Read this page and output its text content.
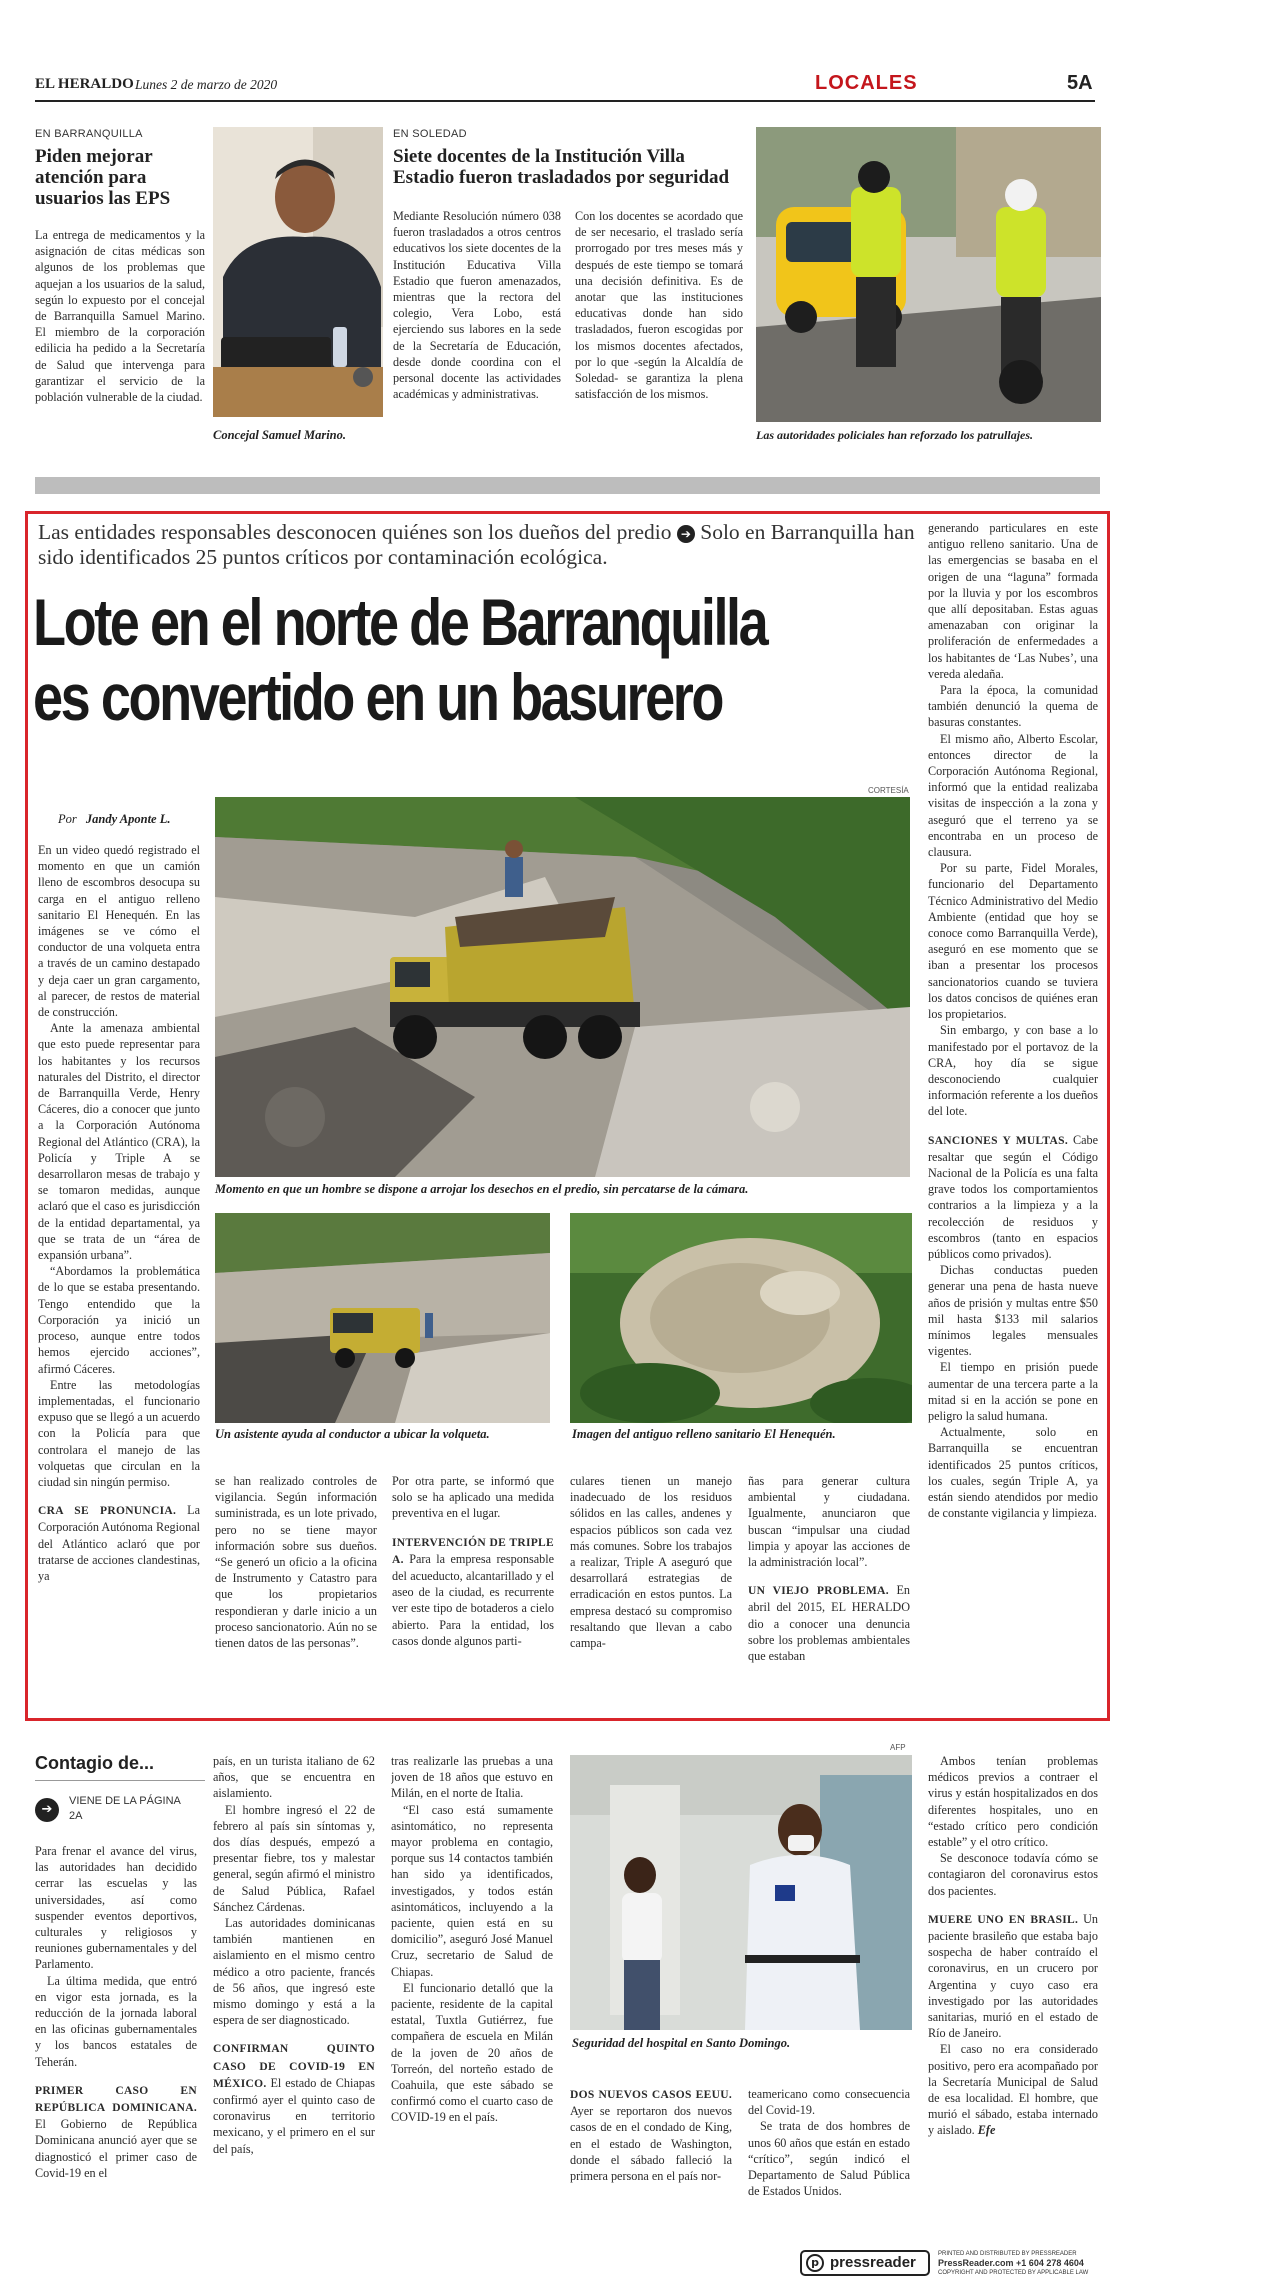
EL HERALDO Lunes 2 de marzo de 2020	LOCALES	5A
EN BARRANQUILLA
Piden mejorar atención para usuarios las EPS
La entrega de medicamentos y la asignación de citas médicas son algunos de los problemas que aquejan a los usuarios de la salud, según lo expuesto por el concejal de Barranquilla Samuel Marino. El miembro de la corporación edilicia ha pedido a la Secretaría de Salud que intervenga para garantizar el servicio de la población vulnerable de la ciudad.
Concejal Samuel Marino.
EN SOLEDAD
Siete docentes de la Institución Villa Estadio fueron trasladados por seguridad
Mediante Resolución número 038 fueron trasladados a otros centros educativos los siete docentes de la Institución Educativa Villa Estadio que fueron amenazados, mientras que la rectora del colegio, Vera Lobo, está ejerciendo sus labores en la sede de la Secretaría de Educación, desde donde coordina con el personal docente las actividades académicas y administrativas.
Con los docentes se acordado que de ser necesario, el traslado sería prorrogado por tres meses más y después de este tiempo se tomará una decisión definitiva. Es de anotar que las instituciones educativas donde han sido trasladados, fueron escogidas por los mismos docentes afectados, por lo que -según la Alcaldía de Soledad- se garantiza la plena satisfacción de los mismos.
Las autoridades policiales han reforzado los patrullajes.
Las entidades responsables desconocen quiénes son los dueños del predio ➔ Solo en Barranquilla han sido identificados 25 puntos críticos por contaminación ecológica.
Lote en el norte de Barranquilla
es convertido en un basurero
CORTESÍA
Por Jandy Aponte L.

En un video quedó registrado el momento en que un camión lleno de escombros desocupa su carga en el antiguo relleno sanitario El Henequén. En las imágenes se ve cómo el conductor de una volqueta entra a través de un camino destapado y deja caer un gran cargamento, al parecer, de restos de material de construcción.

Ante la amenaza ambiental que esto puede representar para los habitantes y los recursos naturales del Distrito, el director de Barranquilla Verde, Henry Cáceres, dio a conocer que junto a la Corporación Autónoma Regional del Atlántico (CRA), la Policía y Triple A se desarrollaron mesas de trabajo y se tomaron medidas, aunque aclaró que el caso es jurisdicción de la entidad departamental, ya que se trata de un “área de expansión urbana”.

“Abordamos la problemática de lo que se estaba presentando. Tengo entendido que la Corporación ya inició un proceso, aunque entre todos hemos ejercido acciones”, afirmó Cáceres.

Entre las metodologías implementadas, el funcionario expuso que se llegó a un acuerdo con la Policía para que controlara el manejo de las volquetas que circulan en la ciudad sin ningún permiso.

CRA SE PRONUNCIA. La Corporación Autónoma Regional del Atlántico aclaró que por tratarse de acciones clandestinas, ya

Momento en que un hombre se dispone a arrojar los desechos en el predio, sin percatarse de la cámara.
Un asistente ayuda al conductor a ubicar la volqueta.	Imagen del antiguo relleno sanitario El Henequén.
se han realizado controles de vigilancia. Según información suministrada, es un lote privado, pero no se tiene mayor información sobre sus dueños. “Se generó un oficio a la oficina de Instrumento y Catastro para que los propietarios respondieran y darle inicio a un proceso sancionatorio. Aún no se tienen datos de las personas”.

Por otra parte, se informó que solo se ha aplicado una medida preventiva en el lugar.

INTERVENCIÓN DE TRIPLE A. Para la empresa responsable del acueducto, alcantarillado y el aseo de la ciudad, es recurrente ver este tipo de botaderos a cielo abierto. Para la entidad, los casos donde algunos parti-

culares tienen un manejo inadecuado de los residuos sólidos en las calles, andenes y espacios públicos son cada vez más comunes. Sobre los trabajos a realizar, Triple A aseguró que desarrollará estrategias de erradicación en estos puntos. La empresa destacó su compromiso resaltando que llevan a cabo campa-

ñas para generar cultura ambiental y ciudadana. Igualmente, anunciaron que buscan “impulsar una ciudad limpia y apoyar las acciones de la administración local”.

UN VIEJO PROBLEMA. En abril del 2015, EL HERALDO dio a conocer una denuncia sobre los problemas ambientales que estaban

generando particulares en este antiguo relleno sanitario. Una de las emergencias se basaba en el origen de una “laguna” formada por la lluvia y por los escombros que allí depositaban. Estas aguas amenazaban con originar la proliferación de enfermedades a los habitantes de ‘Las Nubes’, una vereda aledaña.

Para la época, la comunidad también denunció la quema de basuras constantes.

El mismo año, Alberto Escolar, entonces director de la Corporación Autónoma Regional, informó que la entidad realizaba visitas de inspección a la zona y aseguró que el terreno ya se encontraba en un proceso de clausura.

Por su parte, Fidel Morales, funcionario del Departamento Técnico Administrativo del Medio Ambiente (entidad que hoy se conoce como Barranquilla Verde), aseguró en ese momento que se iban a presentar los procesos sancionatorios cuando se tuviera los datos concisos de quiénes eran los propietarios.

Sin embargo, y con base a lo manifestado por el portavoz de la CRA, hoy día se sigue desconociendo cualquier información referente a los dueños del lote.

SANCIONES Y MULTAS. Cabe resaltar que según el Código Nacional de la Policía es una falta grave todos los comportamientos contrarios a la limpieza y a la recolección de residuos y escombros (tanto en espacios públicos como privados).

Dichas conductas pueden generar una pena de hasta nueve años de prisión y multas entre $50 mil hasta $133 mil salarios mínimos legales mensuales vigentes.

El tiempo en prisión puede aumentar de una tercera parte a la mitad si en la acción se pone en peligro la salud humana.

Actualmente, solo en Barranquilla se encuentran identificados 25 puntos críticos, los cuales, según Triple A, ya están siendo atendidos por medio de constante vigilancia y limpieza.

Contagio de...
➔
VIENE DE LA PÁGINA 2A

Para frenar el avance del virus, las autoridades han decidido cerrar las escuelas y las universidades, así como suspender eventos deportivos, culturales y religiosos y reuniones gubernamentales y del Parlamento.

La última medida, que entró en vigor esta jornada, es la reducción de la jornada laboral en las oficinas gubernamentales y los bancos estatales de Teherán.

PRIMER CASO EN REPÚBLICA DOMINICANA. El Gobierno de República Dominicana anunció ayer que se diagnosticó el primer caso de Covid-19 en el

país, en un turista italiano de 62 años, que se encuentra en aislamiento.

El hombre ingresó el 22 de febrero al país sin síntomas y, dos días después, empezó a presentar fiebre, tos y malestar general, según afirmó el ministro de Salud Pública, Rafael Sánchez Cárdenas.

Las autoridades dominicanas también mantienen en aislamiento en el mismo centro médico a otro paciente, francés de 56 años, que ingresó este mismo domingo y está a la espera de ser diagnosticado.

CONFIRMAN QUINTO CASO DE COVID-19 EN MÉXICO. El estado de Chiapas confirmó ayer el quinto caso de coronavirus en territorio mexicano, y el primero en el sur del país,

tras realizarle las pruebas a una joven de 18 años que estuvo en Milán, en el norte de Italia.

“El caso está sumamente asintomático, no representa mayor problema en contagio, porque sus 14 contactos también han sido ya identificados, investigados, y todos están asintomáticos, incluyendo a la paciente, quien está en su domicilio”, aseguró José Manuel Cruz, secretario de Salud de Chiapas.

El funcionario detalló que la paciente, residente de la capital estatal, Tuxtla Gutiérrez, fue compañera de escuela en Milán de la joven de 20 años de Torreón, del norteño estado de Coahuila, que este sábado se confirmó como el cuarto caso de COVID-19 en el país.

AFP
Seguridad del hospital en Santo Domingo.

DOS NUEVOS CASOS EEUU. Ayer se reportaron dos nuevos casos de en el condado de King, en el estado de Washington, donde el sábado falleció la primera persona en el país nor-

teamericano como consecuencia del Covid-19.

Se trata de dos hombres de unos 60 años que están en estado “crítico”, según indicó el Departamento de Salud Pública de Estados Unidos.

Ambos tenían problemas médicos previos a contraer el virus y están hospitalizados en dos diferentes hospitales, uno en “estado crítico pero condición estable” y el otro crítico.

Se desconoce todavía cómo se contagiaron del coronavirus estos dos pacientes.

MUERE UNO EN BRASIL. Un paciente brasileño que estaba bajo sospecha de haber contraído el coronavirus, en un crucero por Argentina y cuyo caso era investigado por las autoridades sanitarias, murió en el estado de Río de Janeiro.

El caso no era considerado positivo, pero era acompañado por la Secretaría Municipal de Salud de esa localidad. El hombre, que murió el sábado, estaba internado y aislado. Efe

p pressreader	PRINTED AND DISTRIBUTED BY PRESSREADER
PressReader.com +1 604 278 4604
COPYRIGHT AND PROTECTED BY APPLICABLE LAW
